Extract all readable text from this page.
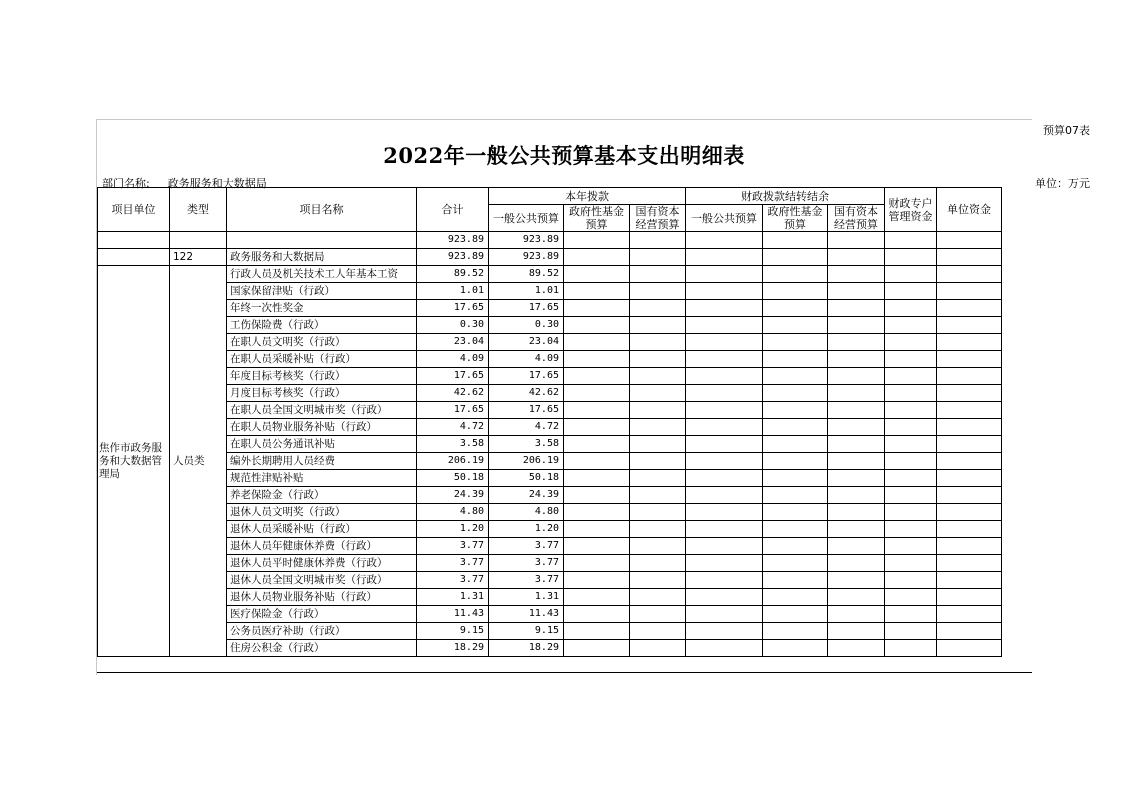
预算07表
2022年一般公共预算基本支出明细表
部门名称: 政务服务和大数据局	单位：万元
项目单位	类型	项目名称	合计	本年拨款			财政拨款结转结余			财政专户管理资金	单位资金
				一般公共预算	政府性基金预算	国有资本经营预算	一般公共预算	政府性基金预算	国有资本经营预算		
			923.89	923.89							
	122	政务服务和大数据局	923.89	923.89							
焦作市政务服务和大数据管理局	人员类	行政人员及机关技术工人年基本工资	89.52	89.52							
		国家保留津贴（行政）	1.01	1.01							
		年终一次性奖金	17.65	17.65							
		工伤保险费（行政）	0.30	0.30							
		在职人员文明奖（行政）	23.04	23.04							
		在职人员采暖补贴（行政）	4.09	4.09							
		年度目标考核奖（行政）	17.65	17.65							
		月度目标考核奖（行政）	42.62	42.62							
		在职人员全国文明城市奖（行政）	17.65	17.65							
		在职人员物业服务补贴（行政）	4.72	4.72							
		在职人员公务通讯补贴	3.58	3.58							
		编外长期聘用人员经费	206.19	206.19							
		规范性津贴补贴	50.18	50.18							
		养老保险金（行政）	24.39	24.39							
		退休人员文明奖（行政）	4.80	4.80							
		退休人员采暖补贴（行政）	1.20	1.20							
		退休人员年健康休养费（行政）	3.77	3.77							
		退休人员平时健康休养费（行政）	3.77	3.77							
		退休人员全国文明城市奖（行政）	3.77	3.77							
		退休人员物业服务补贴（行政）	1.31	1.31							
		医疗保险金（行政）	11.43	11.43							
		公务员医疗补助（行政）	9.15	9.15							
		住房公积金（行政）	18.29	18.29							
